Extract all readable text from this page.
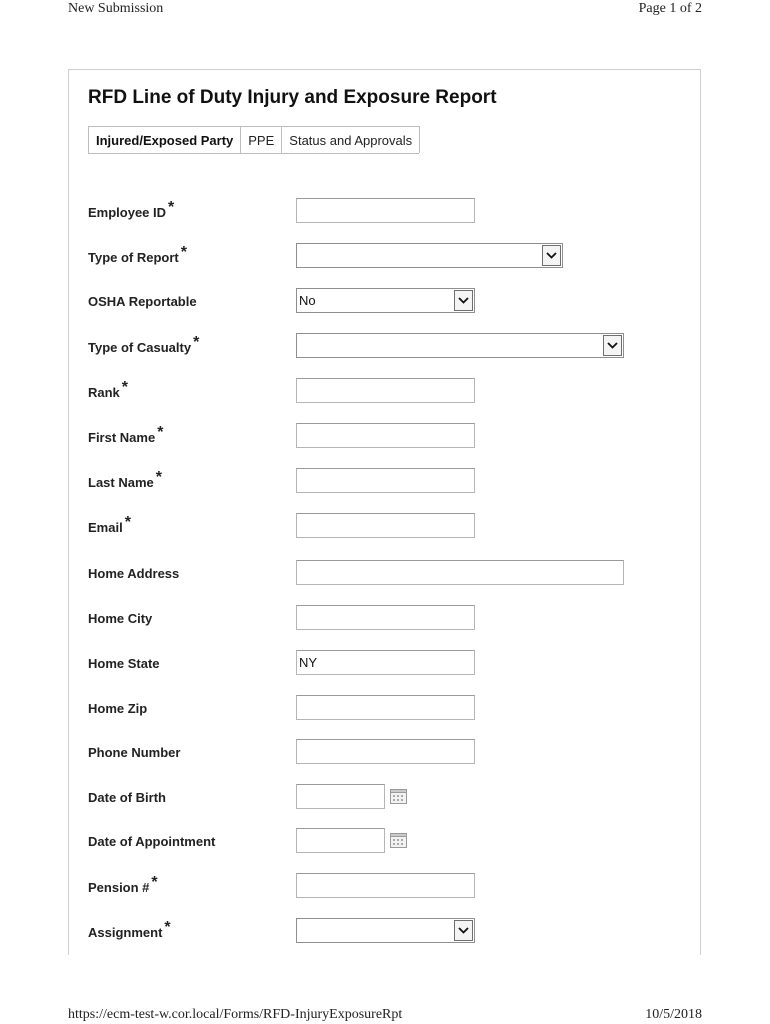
New Submission	Page 1 of 2
RFD Line of Duty Injury and Exposure Report
Injured/Exposed Party	PPE	Status and Approvals
Employee ID *
Type of Report *
OSHA Reportable	No
Type of Casualty *
Rank *
First Name *
Last Name *
Email *
Home Address
Home City
Home State	NY
Home Zip
Phone Number
Date of Birth
Date of Appointment
Pension # *
Assignment *
https://ecm-test-w.cor.local/Forms/RFD-InjuryExposureRpt	10/5/2018
